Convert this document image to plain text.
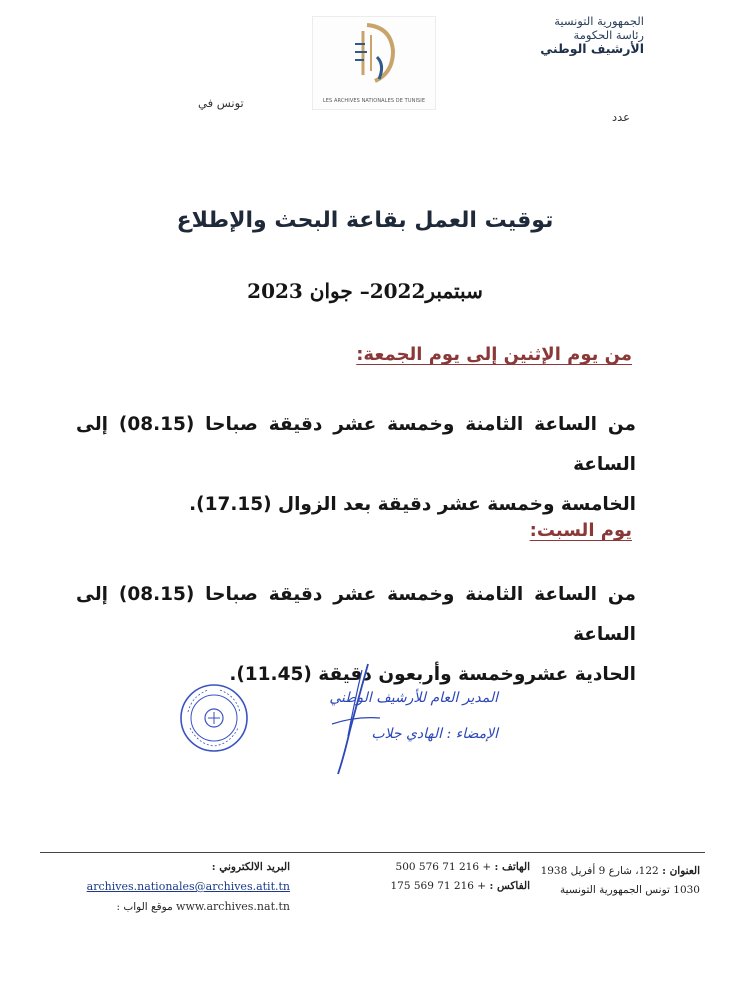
الجمهورية التونسية
رئاسة الحكومة
الأرشيف الوطني
LES ARCHIVES NATIONALES DE TUNISIE
تونس في
عدد
توقيت العمل بقاعة البحث والإطلاع
سبتمبر2022– جوان 2023
من يوم الإثنين إلى يوم الجمعة:
من الساعة الثامنة وخمسة عشر دقيقة صباحا (08.15) إلى الساعة
الخامسة وخمسة عشر دقيقة بعد الزوال (17.15).
يوم السبت:
من الساعة الثامنة وخمسة عشر دقيقة صباحا (08.15) إلى الساعة
الحادية عشروخمسة وأربعون دقيقة (11.45).
المدير العام للأرشيف الوطني
الإمضاء : الهادي جلاب
العنوان : 122، شارع 9 أفريل 1938
1030 تونس الجمهورية التونسية
الهاتف : 500 576 71 216 +
الفاكس : 175 569 71 216 +
البريد الالكتروني :
archives.nationales@archives.atit.tn
www.archives.nat.tn موقع الواب :
